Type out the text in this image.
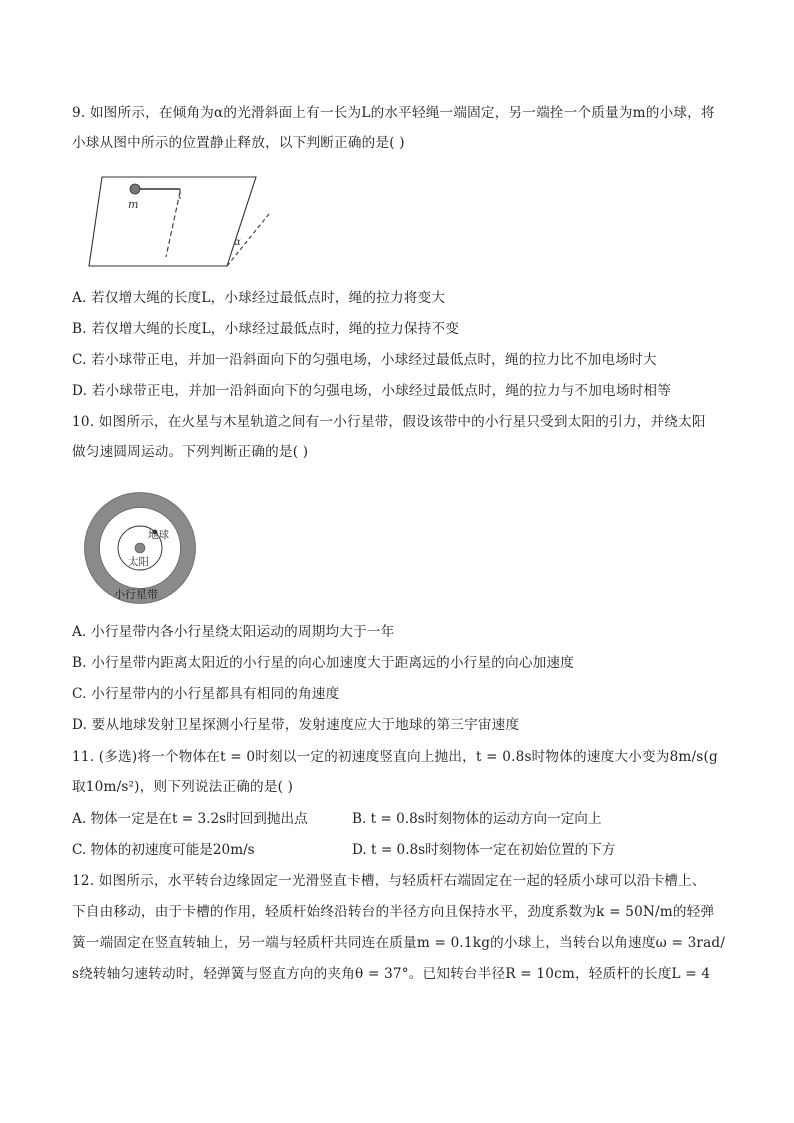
9. 如图所示，在倾角为α的光滑斜面上有一长为L的水平轻绳一端固定，另一端拴一个质量为m的小球，将
小球从图中所示的位置静止释放，以下判断正确的是( )
m
α
A. 若仅增大绳的长度L，小球经过最低点时，绳的拉力将变大
B. 若仅增大绳的长度L，小球经过最低点时，绳的拉力保持不变
C. 若小球带正电，并加一沿斜面向下的匀强电场，小球经过最低点时，绳的拉力比不加电场时大
D. 若小球带正电，并加一沿斜面向下的匀强电场，小球经过最低点时，绳的拉力与不加电场时相等
10. 如图所示，在火星与木星轨道之间有一小行星带，假设该带中的小行星只受到太阳的引力，并绕太阳
做匀速圆周运动。下列判断正确的是( )
地球
太阳
小行星带
A. 小行星带内各小行星绕太阳运动的周期均大于一年
B. 小行星带内距离太阳近的小行星的向心加速度大于距离远的小行星的向心加速度
C. 小行星带内的小行星都具有相同的角速度
D. 要从地球发射卫星探测小行星带，发射速度应大于地球的第三宇宙速度
11. (多选)将一个物体在t = 0时刻以一定的初速度竖直向上抛出，t = 0.8s时物体的速度大小变为8m/s(g
取10m/s²)，则下列说法正确的是( )
A. 物体一定是在t = 3.2s时回到抛出点	B. t = 0.8s时刻物体的运动方向一定向上
C. 物体的初速度可能是20m/s	D. t = 0.8s时刻物体一定在初始位置的下方
12. 如图所示，水平转台边缘固定一光滑竖直卡槽，与轻质杆右端固定在一起的轻质小球可以沿卡槽上、
下自由移动，由于卡槽的作用，轻质杆始终沿转台的半径方向且保持水平，劲度系数为k = 50N/m的轻弹
簧一端固定在竖直转轴上，另一端与轻质杆共同连在质量m = 0.1kg的小球上，当转台以角速度ω = 3rad/
s绕转轴匀速转动时，轻弹簧与竖直方向的夹角θ = 37°。已知转台半径R = 10cm，轻质杆的长度L = 4
